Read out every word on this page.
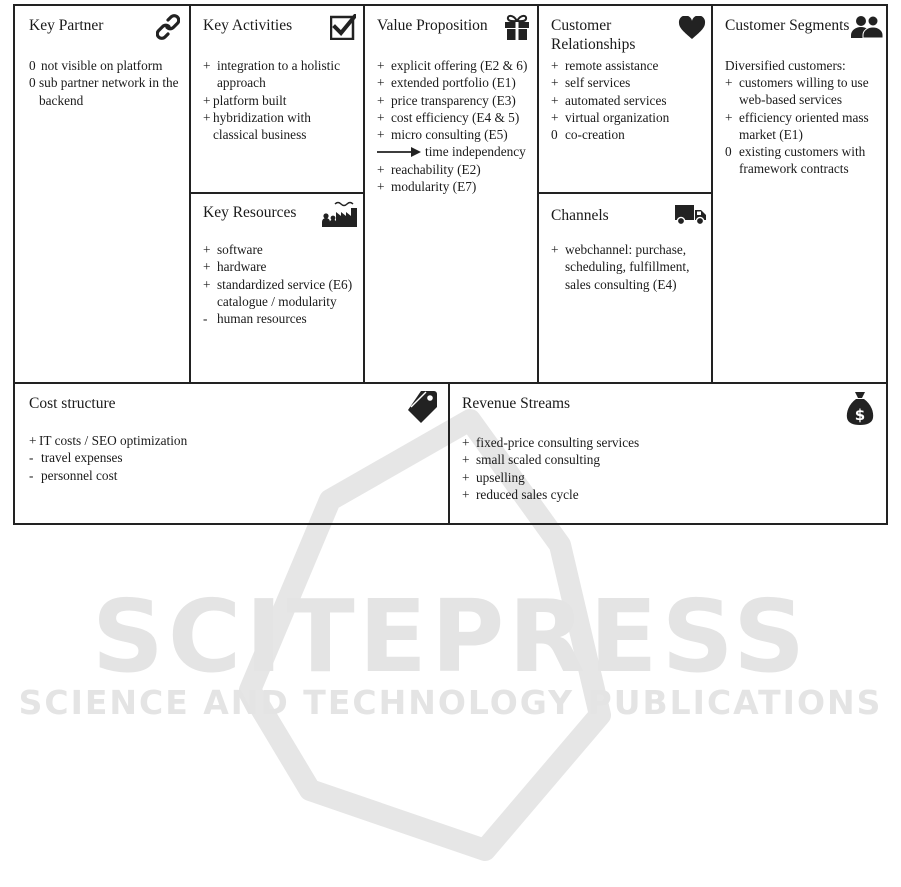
SCITEPRESS
SCIENCE AND TECHNOLOGY PUBLICATIONS
Key Partner
0 not visible on platform
0 sub partner network in the backend
Key Activities
+ integration to a holistic approach
+ platform built
+ hybridization with classical business
Key Resources
+ software
+ hardware
+ standardized service (E6) catalogue / modularity
- human resources
Value Proposition
+ explicit offering (E2 & 6)
+ extended portfolio (E1)
+ price transparency (E3)
+ cost efficiency (E4 & 5)
+ micro consulting (E5)
time independency
+ reachability (E2)
+ modularity (E7)
Customer Relationships
+ remote assistance
+ self services
+ automated services
+ virtual organization
0 co-creation
Channels
+ webchannel: purchase, scheduling, fulfillment, sales consulting (E4)
Customer Segments
Diversified customers:
+ customers willing to use web-based services
+ efficiency oriented mass market (E1)
0 existing customers with framework contracts
Cost structure
+ IT costs / SEO optimization
- travel expenses
- personnel cost
Revenue Streams
$
+ fixed-price consulting services
+ small scaled consulting
+ upselling
+ reduced sales cycle
